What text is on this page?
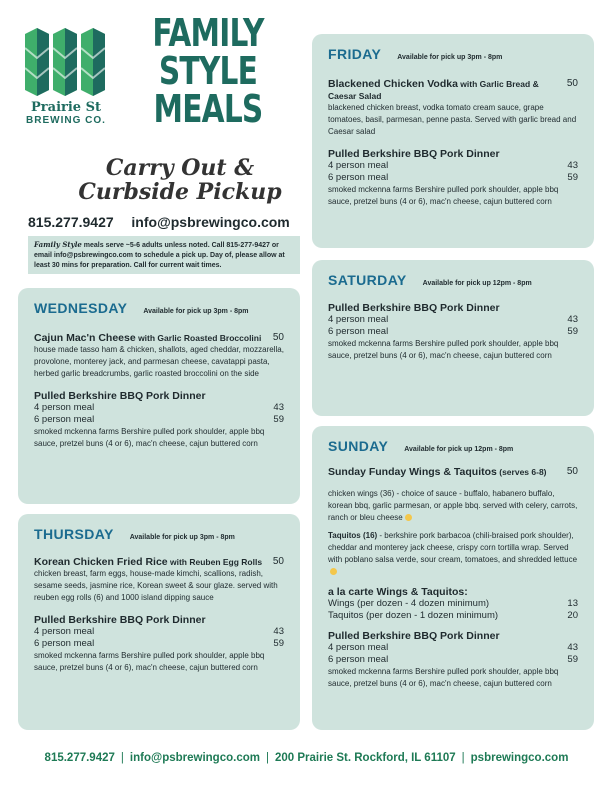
Prairie St
BREWING CO.
FAMILY
STYLE
MEALS
Carry Out &
Curbside Pickup
815.277.9427 info@psbrewingco.com
Family Style meals serve ~5-6 adults unless noted. Call 815-277-9427 or email info@psbrewingco.com to schedule a pick up. Day of, please allow at least 30 mins for preparation. Call for current wait times.
WEDNESDAY Available for pick up 3pm - 8pm
Cajun Mac'n Cheese with Garlic Roasted Broccolini 50
house made tasso ham & chicken, shallots, aged cheddar, mozzarella, provolone, monterey jack, and parmesan cheese, cavatappi pasta, herbed garlic breadcrumbs, garlic roasted broccolini on the side
Pulled Berkshire BBQ Pork Dinner
4 person meal	43
6 person meal	59
smoked mckenna farms Bershire pulled pork shoulder, apple bbq sauce, pretzel buns (4 or 6), mac'n cheese, cajun buttered corn
THURSDAY Available for pick up 3pm - 8pm
Korean Chicken Fried Rice with Reuben Egg Rolls 50
chicken breast, farm eggs, house-made kimchi, scallions, radish, sesame seeds, jasmine rice, Korean sweet & sour glaze. served with reuben egg rolls (6) and 1000 island dipping sauce
Pulled Berkshire BBQ Pork Dinner
4 person meal	43
6 person meal	59
smoked mckenna farms Bershire pulled pork shoulder, apple bbq sauce, pretzel buns (4 or 6), mac'n cheese, cajun buttered corn
FRIDAY Available for pick up 3pm - 8pm
Blackened Chicken Vodka with Garlic Bread & Caesar Salad
50
blackened chicken breast, vodka tomato cream sauce, grape tomatoes, basil, parmesan, penne pasta. Served with garlic bread and Caesar salad
Pulled Berkshire BBQ Pork Dinner
4 person meal	43
6 person meal	59
smoked mckenna farms Bershire pulled pork shoulder, apple bbq sauce, pretzel buns (4 or 6), mac'n cheese, cajun buttered corn
SATURDAY Available for pick up 12pm - 8pm
Pulled Berkshire BBQ Pork Dinner
4 person meal	43
6 person meal	59
smoked mckenna farms Bershire pulled pork shoulder, apple bbq sauce, pretzel buns (4 or 6), mac'n cheese, cajun buttered corn
SUNDAY Available for pick up 12pm - 8pm
Sunday Funday Wings & Taquitos (serves 6-8) 50
chicken wings (36) - choice of sauce - buffalo, habanero buffalo, korean bbq, garlic parmesan, or apple bbq. served with celery, carrots, ranch or bleu cheese
Taquitos (16) - berkshire pork barbacoa (chili-braised pork shoulder), cheddar and monterey jack cheese, crispy corn tortilla wrap. Served with poblano salsa verde, sour cream, tomatoes, and shredded lettuce
a la carte Wings & Taquitos:
Wings (per dozen - 4 dozen minimum)	13
Taquitos (per dozen - 1 dozen minimum)	20
Pulled Berkshire BBQ Pork Dinner
4 person meal	43
6 person meal	59
smoked mckenna farms Bershire pulled pork shoulder, apple bbq sauce, pretzel buns (4 or 6), mac'n cheese, cajun buttered corn
815.277.9427 | info@psbrewingco.com | 200 Prairie St. Rockford, IL 61107 | psbrewingco.com
